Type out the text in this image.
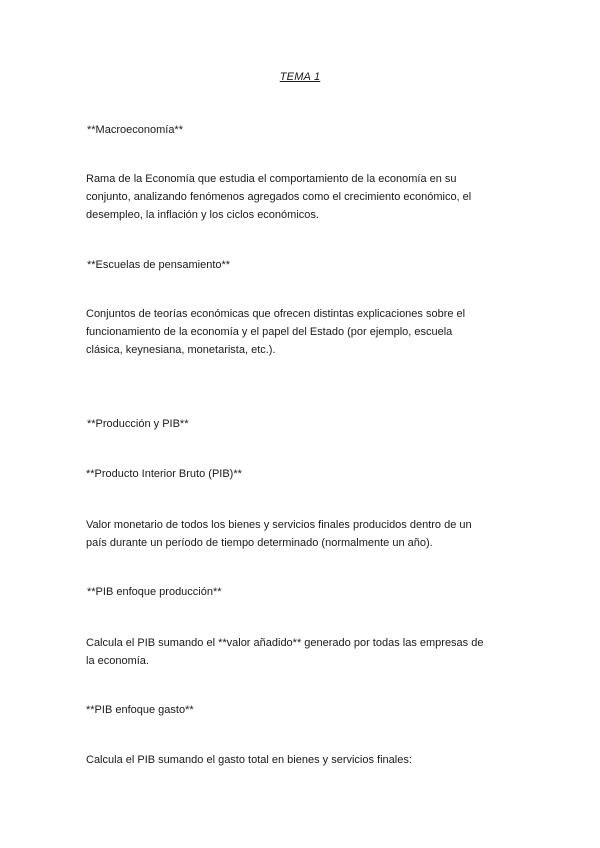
TEMA 1
**Macroeconomía**
Rama de la Economía que estudia el comportamiento de la economía en su
conjunto, analizando fenómenos agregados como el crecimiento económico, el
desempleo, la inflación y los ciclos económicos.
**Escuelas de pensamiento**
Conjuntos de teorías económicas que ofrecen distintas explicaciones sobre el
funcionamiento de la economía y el papel del Estado (por ejemplo, escuela
clásica, keynesiana, monetarista, etc.).
**Producción y PIB**
**Producto Interior Bruto (PIB)**
Valor monetario de todos los bienes y servicios finales producidos dentro de un
país durante un período de tiempo determinado (normalmente un año).
**PIB enfoque producción**
Calcula el PIB sumando el **valor añadido** generado por todas las empresas de
la economía.
**PIB enfoque gasto**
Calcula el PIB sumando el gasto total en bienes y servicios finales:
